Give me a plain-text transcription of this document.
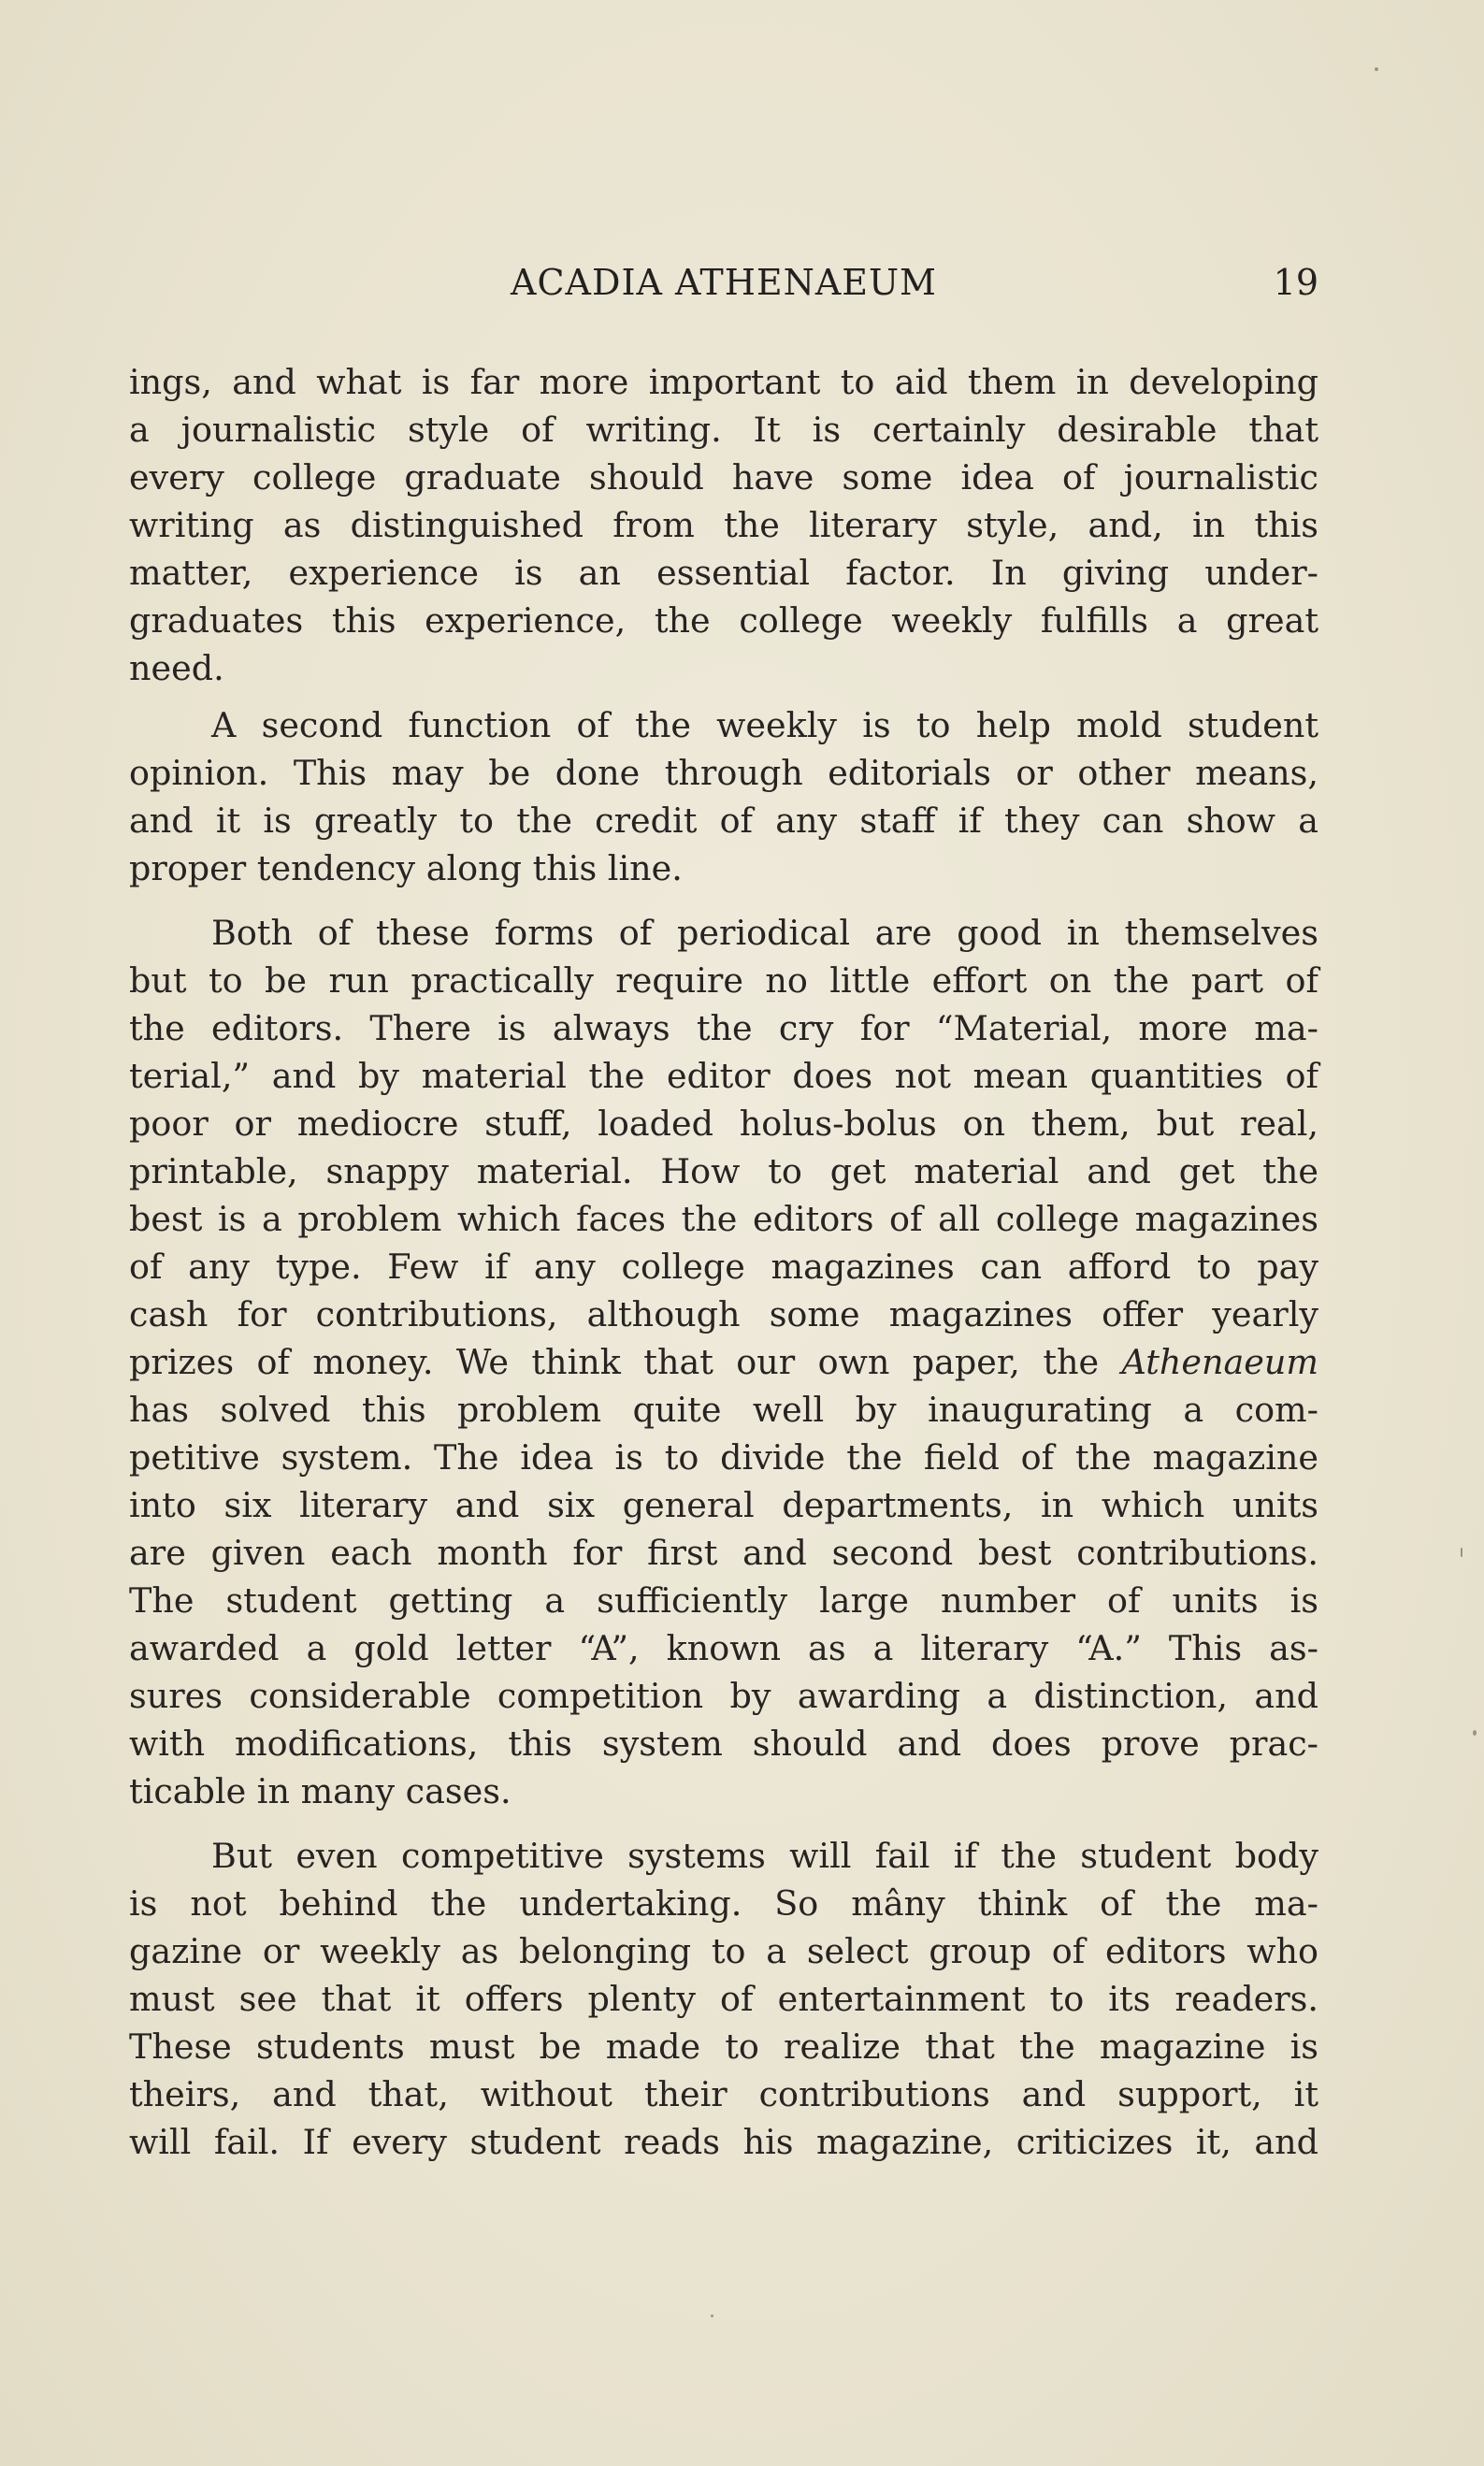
ACADIA ATHENAEUM	19

ings, and what is far more important to aid them in developing
a journalistic style of writing. It is certainly desirable that
every college graduate should have some idea of journalistic
writing as distinguished from the literary style, and, in this
matter, experience is an essential factor. In giving under-
graduates this experience, the college weekly fulfills a great
need.

A second function of the weekly is to help mold student
opinion. This may be done through editorials or other means,
and it is greatly to the credit of any staff if they can show a
proper tendency along this line.

Both of these forms of periodical are good in themselves
but to be run practically require no little effort on the part of
the editors. There is always the cry for “Material, more ma-
terial,” and by material the editor does not mean quantities of
poor or mediocre stuff, loaded holus-bolus on them, but real,
printable, snappy material. How to get material and get the
best is a problem which faces the editors of all college magazines
of any type. Few if any college magazines can afford to pay
cash for contributions, although some magazines offer yearly
prizes of money. We think that our own paper, the Athenaeum
has solved this problem quite well by inaugurating a com-
petitive system. The idea is to divide the field of the magazine
into six literary and six general departments, in which units
are given each month for first and second best contributions.
The student getting a sufficiently large number of units is
awarded a gold letter “A”, known as a literary “A.” This as-
sures considerable competition by awarding a distinction, and
with modifications, this system should and does prove prac-
ticable in many cases.

But even competitive systems will fail if the student body
is not behind the undertaking. So mâny think of the ma-
gazine or weekly as belonging to a select group of editors who
must see that it offers plenty of entertainment to its readers.
These students must be made to realize that the magazine is
theirs, and that, without their contributions and support, it
will fail. If every student reads his magazine, criticizes it, and
